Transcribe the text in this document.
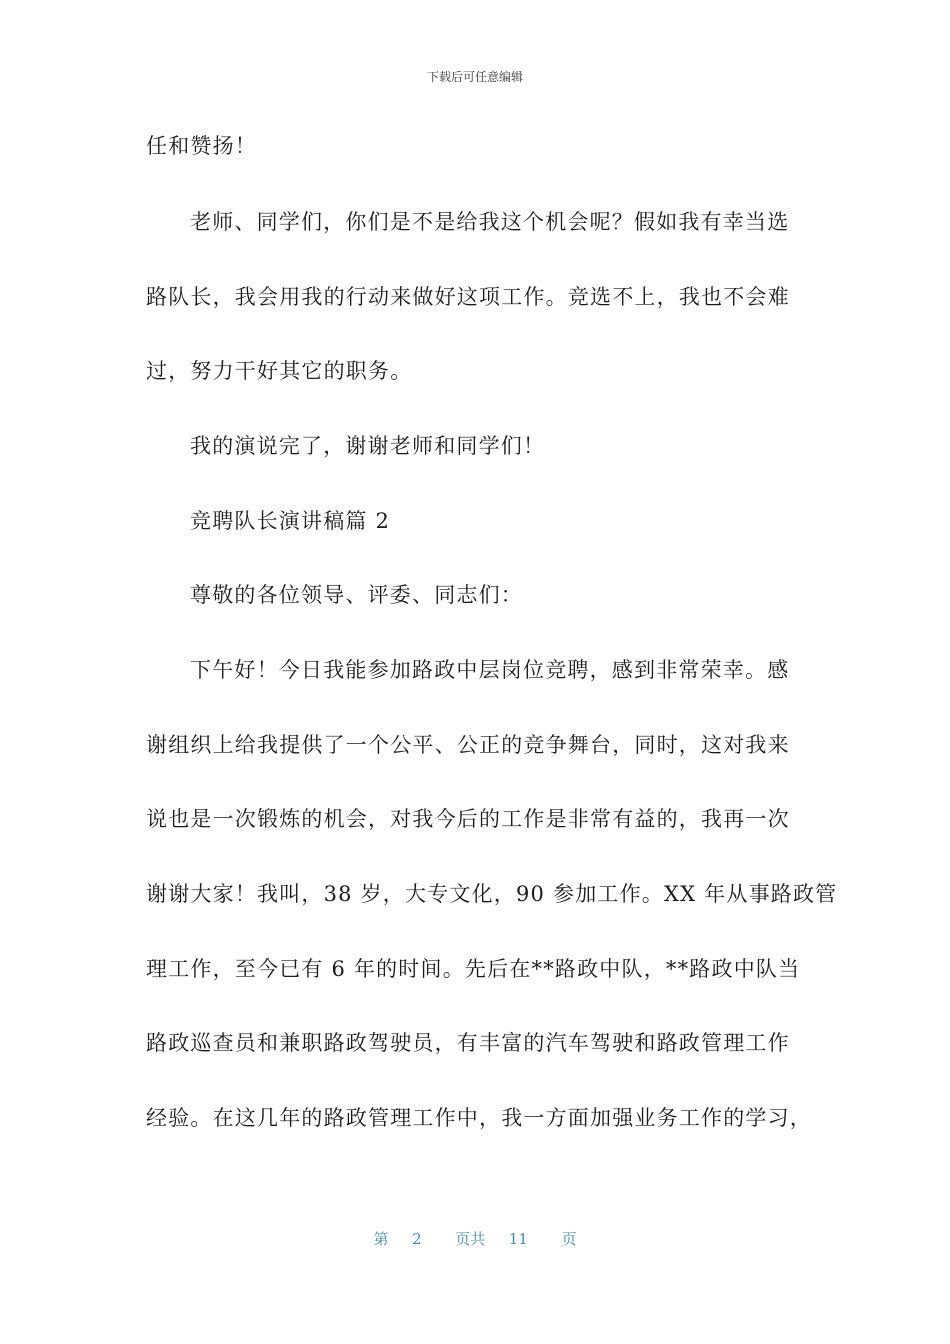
下载后可任意编辑
任和赞扬！
老师、同学们，你们是不是给我这个机会呢？假如我有幸当选
路队长，我会用我的行动来做好这项工作。竞选不上，我也不会难
过，努力干好其它的职务。
我的演说完了，谢谢老师和同学们！
竞聘队长演讲稿篇 2
尊敬的各位领导、评委、同志们：
下午好！今日我能参加路政中层岗位竞聘，感到非常荣幸。感
谢组织上给我提供了一个公平、公正的竞争舞台，同时，这对我来
说也是一次锻炼的机会，对我今后的工作是非常有益的，我再一次
谢谢大家！我叫，38 岁，大专文化，90 参加工作。XX 年从事路政管
理工作，至今已有 6 年的时间。先后在**路政中队，**路政中队当
路政巡查员和兼职路政驾驶员，有丰富的汽车驾驶和路政管理工作
经验。在这几年的路政管理工作中，我一方面加强业务工作的学习，
第 2 页共 11 页
